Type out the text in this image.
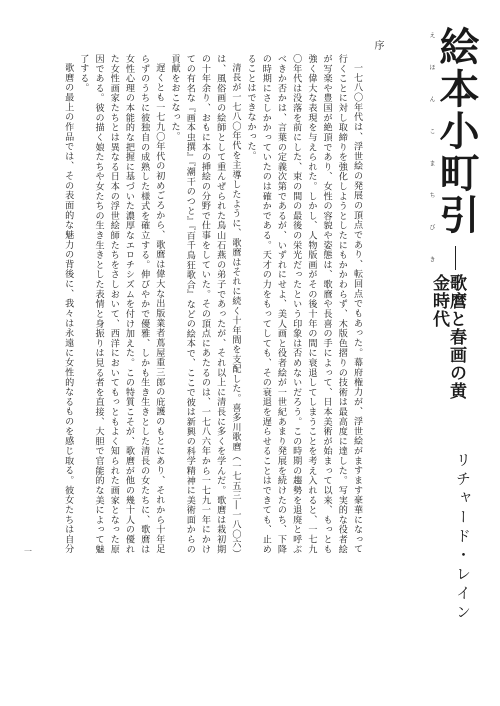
えほんこまちびき
絵本小町引
歌麿と春画の黄金時代
リチャード・レイン
序

一七八〇年代は、浮世絵の発展の頂点であり、転回点でもあった。幕府権力が、浮世絵がますます豪華になって行くことに対し取締りを強化しようとしたにもかかわらず、木版色摺りの技術は最高度に達した。写実的な役者絵が写楽や豊国が絶頂であり、女性の容貌や姿態は、歌麿や長喜の手によって、日本美術が始まって以来、もっとも強く偉大な表現を与えられた。しかし、人物版画がその後十年の間に衰退してしまうことを考え入れると、一七九〇年代は没落を前にした、束の間の最後の栄光だったという印象は否めないだろう。この時期の趨勢を退廃と呼ぶべきか否かは、言葉の定義次第であるが、いずれにせよ、美人画と役者絵が一世紀あまり発展を続けたのち、下降の時期にさしかかっていたのは確かである。天才の力をもってしても、その衰退を遅らせることはできても、止めることはできなかった。

清長が一七八〇年代を主導したように、歌麿はそれに続く十年間を支配した。喜多川歌麿（一七五三―一八〇六）は、風俗画の絵師として重んぜられた鳥山石燕の弟子であったが、それ以上に清長に多くを学んだ。歌麿は栽初期の十年余り、おもに本の挿絵の分野で仕事をしていた。その頂点にあたるのは、一七八六年から一七九一年にかけての有名な『画本虫撰』『潮干のつと』『百千鳥狂歌合』などの絵本で、ここで彼は新興の科学精神に美術面からの貢献をおこなった。

遅くとも一七九〇年代の初めごろから、歌麿は偉大な出版業者蔦屋重三郎の庇護のもとにあり、それから十年足らずのうちに彼独自の成熟した様式を確立する。伸びやかで優雅、しかも生き生きとした清長の女たちに、歌麿は女性心理の本能的な把握に基づいた濃厚なエロチシズムを付け加えた。この特質こそが、歌麿が他の幾十人の優れた女性画家たちとは異なる日本の浮世絵師たちをさしおいて、西洋においてもっともよく知られた画家となった原因である。彼の描く娘たちや女たちの生き生きとした表情と身振りは見る者を直接、大胆で官能的な美によって魅了する。

歌麿の最上の作品では、その表面的な魅力の背後に、我々は永遠に女性的なるものを感じ取る。彼女たちは自分

一
